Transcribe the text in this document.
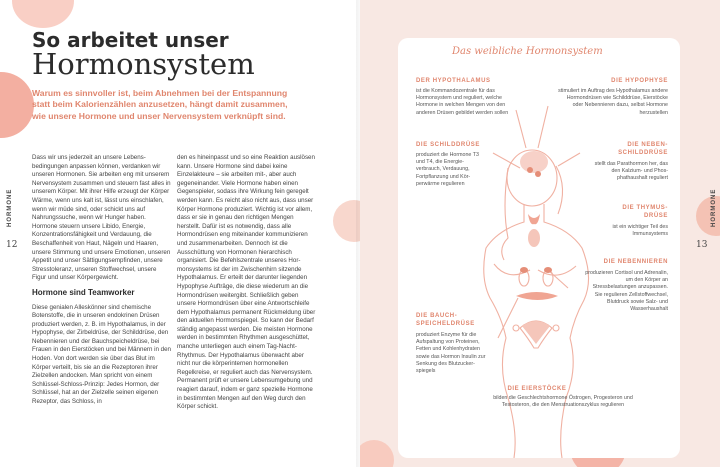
So arbeitet unser
Hormonsystem
Warum es sinnvoller ist, beim Abnehmen bei der Entspannung statt beim Kalorienzählen anzusetzen, hängt damit zusammen, wie unsere Hormone und unser Nervensystem verknüpft sind.

Dass wir uns jederzeit an unsere Lebensbedingungen anpassen können, verdanken wir unseren Hormonen. Sie arbeiten eng mit unserem Nervensystem zusammen und steuern fast alles in unserem Körper. Mit ihrer Hilfe erzeugt der Körper Wärme, wenn uns kalt ist, lässt uns einschlafen, wenn wir müde sind, oder schickt uns auf Nahrungssuche, wenn wir Hunger haben. Hormone steuern unsere Libido, Energie, Konzentrationsfähigkeit und Verdauung, die Beschaffenheit von Haut, Nägeln und Haaren, unsere Stimmung und unsere Emotionen, unseren Appetit und unser Sättigungsempfinden, unsere Stresstoleranz, unseren Stoffwechsel, unsere Figur und unser Körpergewicht.

Hormone sind Teamworker

Diese genialen Alleskönner sind chemische Botenstoffe, die in unseren endokrinen Drüsen produziert werden, z. B. im Hypothalamus, in der Hypophyse, der Zirbeldrüse, der Schilddrüse, den Nebennieren und der Bauchspeicheldrüse, bei Frauen in den Eierstöcken und bei Männern in den Hoden. Von dort werden sie über das Blut im Körper verteilt, bis sie an die Rezeptoren ihrer Zielzellen andocken. Man spricht von einem Schlüssel-Schloss-Prinzip: Jedes Hormon, der Schlüssel, hat an der Zielzelle seinen eigenen Rezeptor, das Schloss, in

den es hineinpasst und so eine Reaktion auslösen kann. Unsere Hormone sind dabei keine Einzelakteure – sie arbeiten mit-, aber auch gegeneinander. Viele Hormone haben einen Gegenspieler, sodass ihre Wirkung fein geregelt werden kann. Es reicht also nicht aus, dass unser Körper Hormone produziert. Wichtig ist vor allem, dass er sie in genau den richtigen Mengen herstellt. Dafür ist es notwendig, dass alle Hormondrüsen eng miteinander kommunizieren und zusammenarbeiten. Dennoch ist die Ausschüttung von Hormonen hierarchisch organisiert. Die Befehlszentrale unseres Hormonsystems ist der im Zwischenhirn sitzende Hypothalamus. Er erteilt der darunter liegenden Hypophyse Aufträge, die diese wiederum an die Hormondrüsen weitergibt. Schließlich geben unsere Hormondrüsen über eine Antwortschleife dem Hypothalamus permanent Rückmeldung über den aktuellen Hormonspiegel. So kann der Bedarf ständig angepasst werden. Die meisten Hormone werden in bestimmten Rhythmen ausgeschüttet, manche unterliegen auch einem Tag-Nacht-Rhythmus. Der Hypothalamus überwacht aber nicht nur die körperinternen hormonellen Regelkreise, er reguliert auch das Nervensystem. Permanent prüft er unsere Lebensumgebung und reagiert darauf, indem er ganz spezielle Hormone in bestimmten Mengen auf den Weg durch den Körper schickt.

HORMONE
12
HORMONE
13
Das weibliche Hormonsystem
DER HYPOTHALAMUS
ist die Kommandozentrale für das Hormonsystem und reguliert, welche Hormone in welchen Mengen von den anderen Drüsen gebildet werden sollen
DIE HYPOPHYSE
stimuliert im Auftrag des Hypothalamus andere Hormondrüsen wie Schilddrüse, Eierstöcke oder Nebennieren dazu, selbst Hormone herzustellen
DIE SCHILDDRÜSE
produziert die Hormone T3 und T4, die Energieverbrauch, Verdauung, Fortpflanzung und Körperwärme regulieren
DIE NEBEN-
SCHILDDRÜSE
stellt das Parathormon her, das den Kalzium- und Phosphathaushalt reguliert
DIE THYMUS-
DRÜSE
ist ein wichtiger Teil des Immunsystems
DIE NEBENNIEREN
produzieren Cortisol und Adrenalin, um den Körper an Stressbelastungen anzupassen. Sie regulieren Zellstoffwechsel, Blutdruck sowie Salz- und Wasserhaushalt
DIE BAUCH-
SPEICHELDRÜSE
produziert Enzyme für die Aufspaltung von Proteinen, Fetten und Kohlenhydraten sowie das Hormon Insulin zur Senkung des Blutzuckerspiegels
DIE EIERSTÖCKE
bilden die Geschlechtshormone Östrogen, Progesteron und Testosteron, die den Menstruationszyklus regulieren
